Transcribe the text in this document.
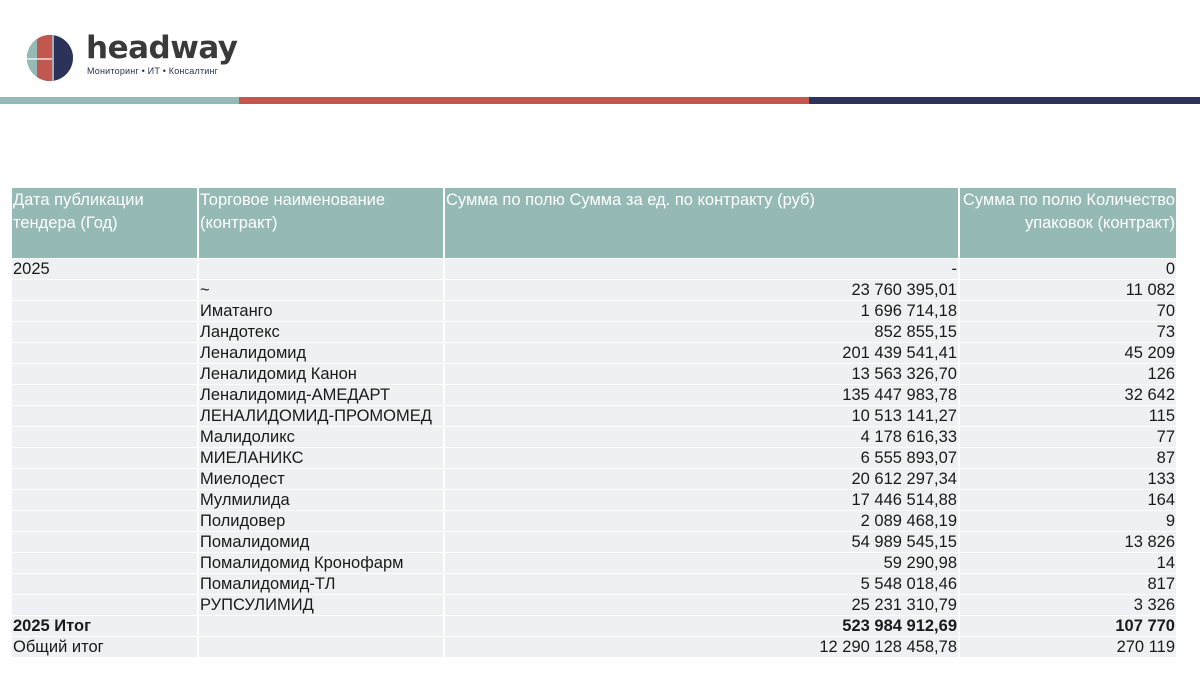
headway
Мониторинг • ИТ • Консалтинг
Дата публикации тендера (Год)	Торговое наименование (контракт)	Сумма по полю Сумма за ед. по контракту (руб)	Сумма по полю Количество упаковок (контракт)
2025		-	0
	~	23 760 395,01	11 082
	Иматанго	1 696 714,18	70
	Ландотекс	852 855,15	73
	Леналидомид	201 439 541,41	45 209
	Леналидомид Канон	13 563 326,70	126
	Леналидомид-АМЕДАРТ	135 447 983,78	32 642
	ЛЕНАЛИДОМИД-ПРОМОМЕД	10 513 141,27	115
	Малидоликс	4 178 616,33	77
	МИЕЛАНИКС	6 555 893,07	87
	Миелодест	20 612 297,34	133
	Мулмилида	17 446 514,88	164
	Полидовер	2 089 468,19	9
	Помалидомид	54 989 545,15	13 826
	Помалидомид Кронофарм	59 290,98	14
	Помалидомид-ТЛ	5 548 018,46	817
	РУПСУЛИМИД	25 231 310,79	3 326
2025 Итог		523 984 912,69	107 770
Общий итог		12 290 128 458,78	270 119
